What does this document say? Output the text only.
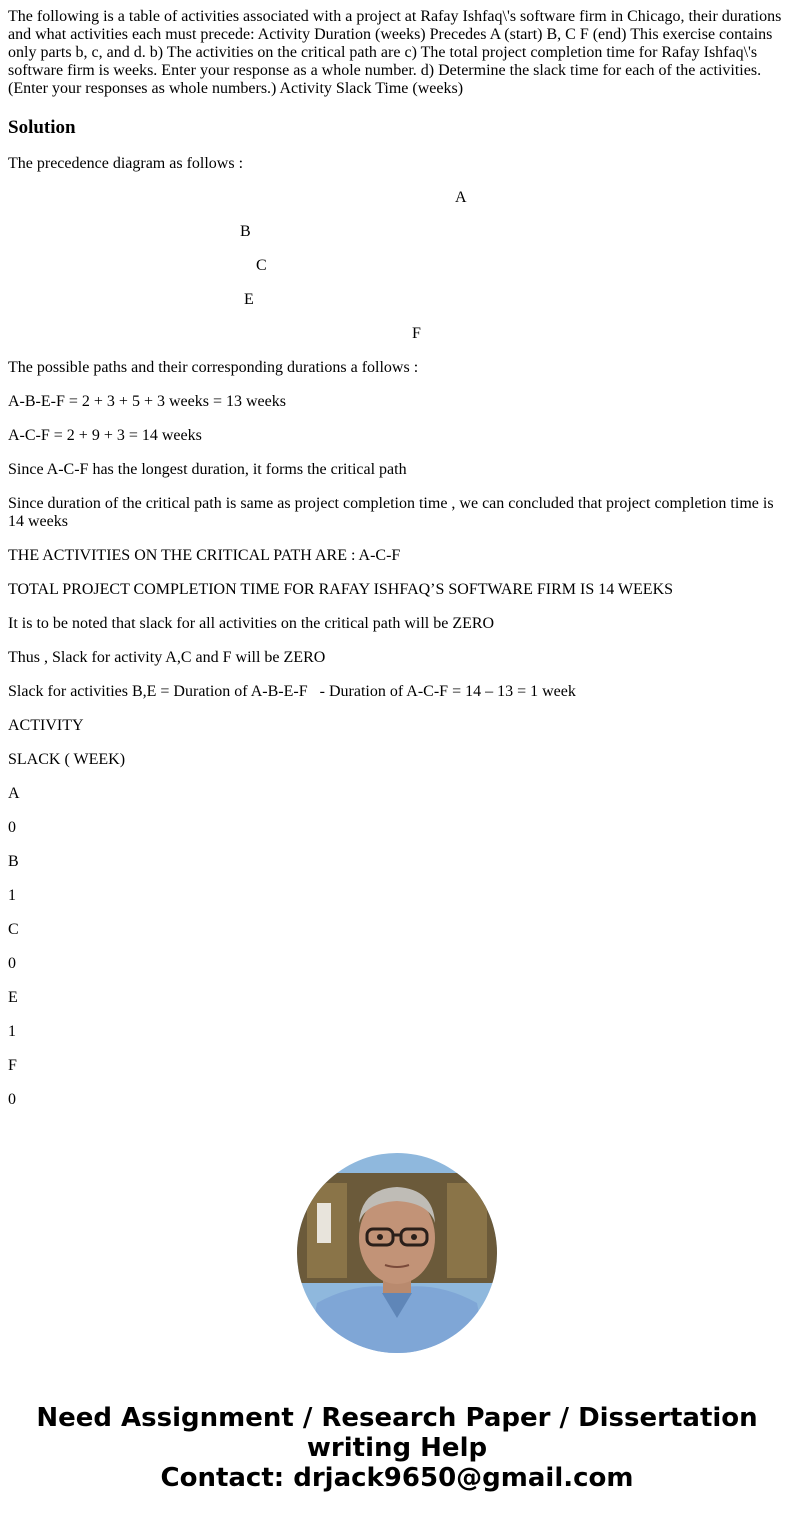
The following is a table of activities associated with a project at Rafay Ishfaq\'s software firm in Chicago, their durations and what activities each must precede: Activity Duration (weeks) Precedes A (start) B, C F (end) This exercise contains only parts b, c, and d. b) The activities on the critical path are c) The total project completion time for Rafay Ishfaq\'s software firm is weeks. Enter your response as a whole number. d) Determine the slack time for each of the activities. (Enter your responses as whole numbers.) Activity Slack Time (weeks)

Solution

The precedence diagram as follows :

A

B

C

E

F

The possible paths and their corresponding durations a follows :

A-B-E-F = 2 + 3 + 5 + 3 weeks = 13 weeks

A-C-F = 2 + 9 + 3 = 14 weeks

Since A-C-F has the longest duration, it forms the critical path

Since duration of the critical path is same as project completion time , we can concluded that project completion time is 14 weeks

THE ACTIVITIES ON THE CRITICAL PATH ARE : A-C-F

TOTAL PROJECT COMPLETION TIME FOR RAFAY ISHFAQ’S SOFTWARE FIRM IS 14 WEEKS

It is to be noted that slack for all activities on the critical path will be ZERO

Thus , Slack for activity A,C and F will be ZERO

Slack for activities B,E = Duration of A-B-E-F   - Duration of A-C-F = 14 – 13 = 1 week

ACTIVITY

SLACK ( WEEK)

A

0

B

1

C

0

E

1

F

0

Need Assignment / Research Paper / Dissertation
writing Help
Contact: drjack9650@gmail.com
